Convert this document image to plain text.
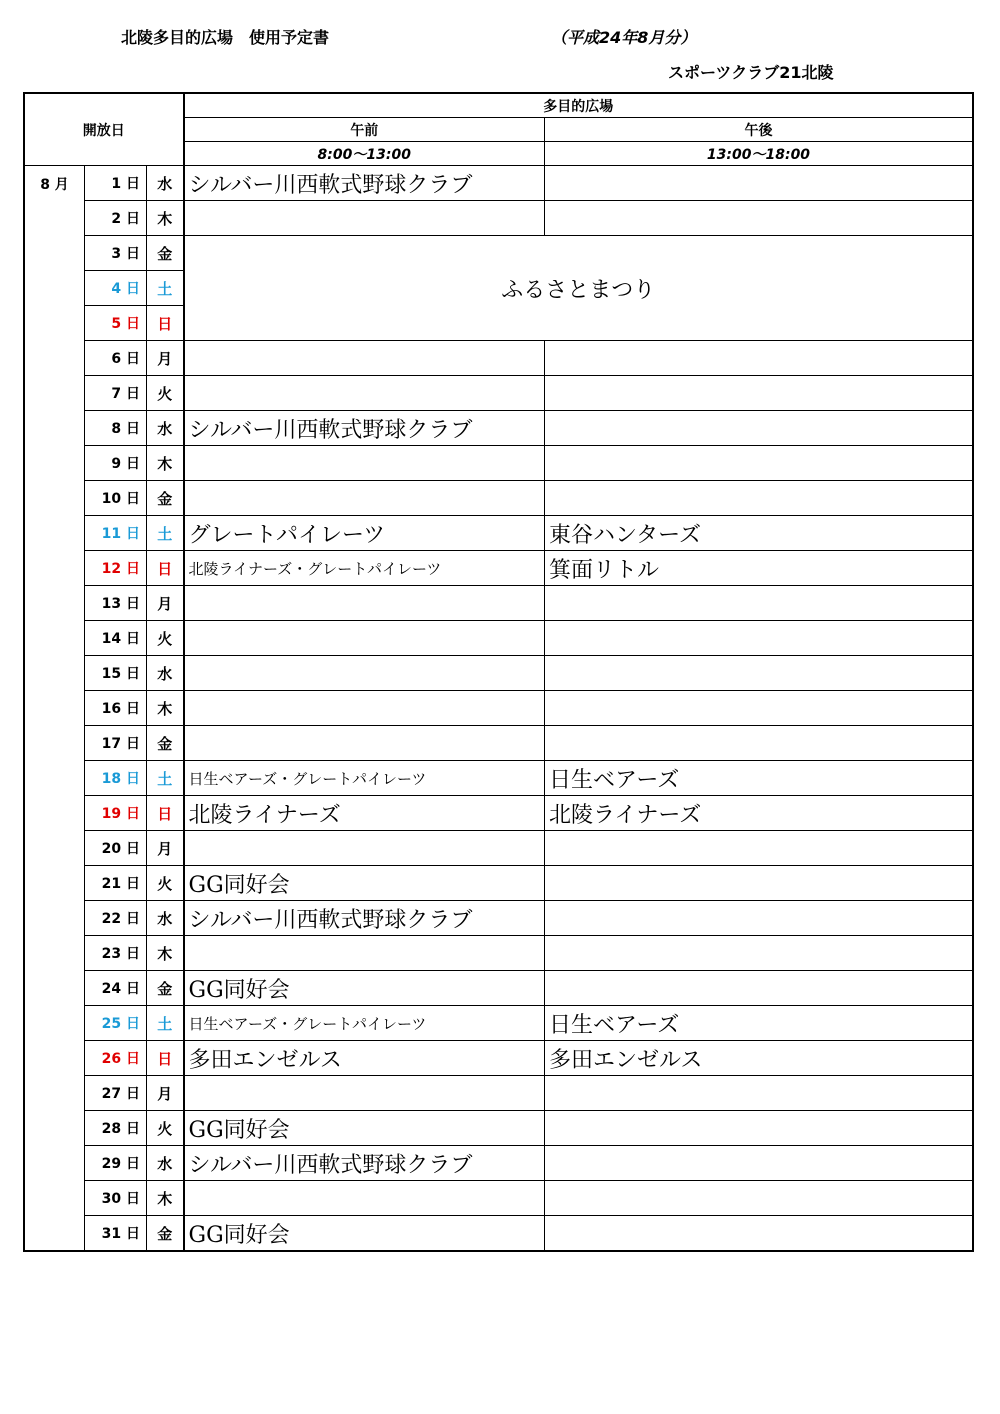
北陵多目的広場　使用予定書	（平成24年8月分）
スポーツクラブ21北陵
開放日			多目的広場	
			午前	午後
			8:00～13:00	13:00～18:00
8 月	1 日	水	シルバー川西軟式野球クラブ	
	2 日	木		
	3 日	金	ふるさとまつり	
	4 日	土		
	5 日	日		
	6 日	月		
	7 日	火		
	8 日	水	シルバー川西軟式野球クラブ	
	9 日	木		
	10 日	金		
	11 日	土	グレートパイレーツ	東谷ハンターズ
	12 日	日	北陵ライナーズ・グレートパイレーツ	箕面リトル
	13 日	月		
	14 日	火		
	15 日	水		
	16 日	木		
	17 日	金		
	18 日	土	日生ベアーズ・グレートパイレーツ	日生ベアーズ
	19 日	日	北陵ライナーズ	北陵ライナーズ
	20 日	月		
	21 日	火	GG同好会	
	22 日	水	シルバー川西軟式野球クラブ	
	23 日	木		
	24 日	金	GG同好会	
	25 日	土	日生ベアーズ・グレートパイレーツ	日生ベアーズ
	26 日	日	多田エンゼルス	多田エンゼルス
	27 日	月		
	28 日	火	GG同好会	
	29 日	水	シルバー川西軟式野球クラブ	
	30 日	木		
	31 日	金	GG同好会	
